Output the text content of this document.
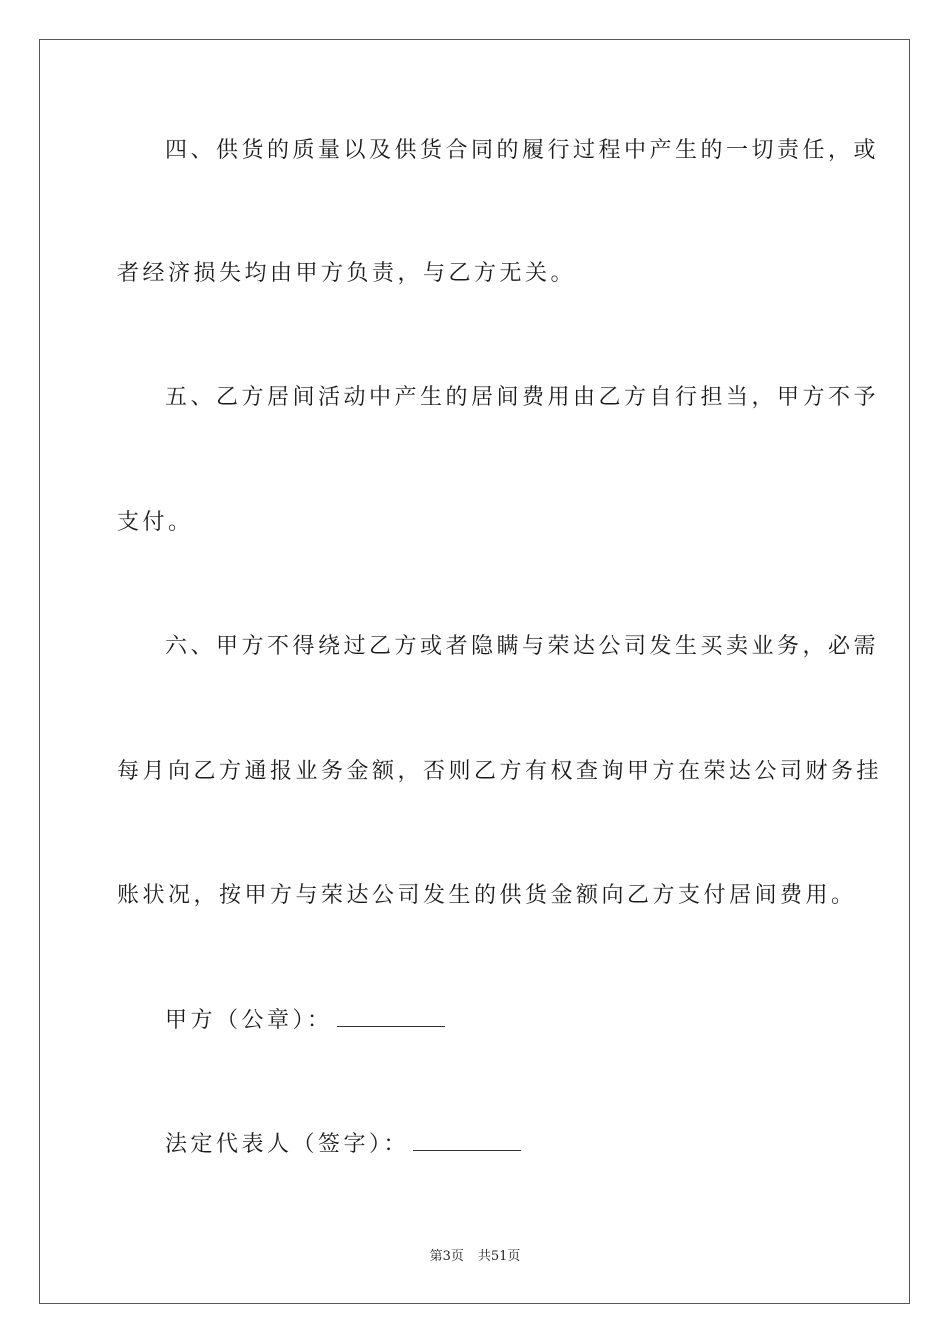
四、供货的质量以及供货合同的履行过程中产生的一切责任，或
者经济损失均由甲方负责，与乙方无关。
五、乙方居间活动中产生的居间费用由乙方自行担当，甲方不予
支付。
六、甲方不得绕过乙方或者隐瞒与荣达公司发生买卖业务，必需
每月向乙方通报业务金额，否则乙方有权查询甲方在荣达公司财务挂
账状况，按甲方与荣达公司发生的供货金额向乙方支付居间费用。
甲方（公章）：
法定代表人（签字）：
第3页 共51页
